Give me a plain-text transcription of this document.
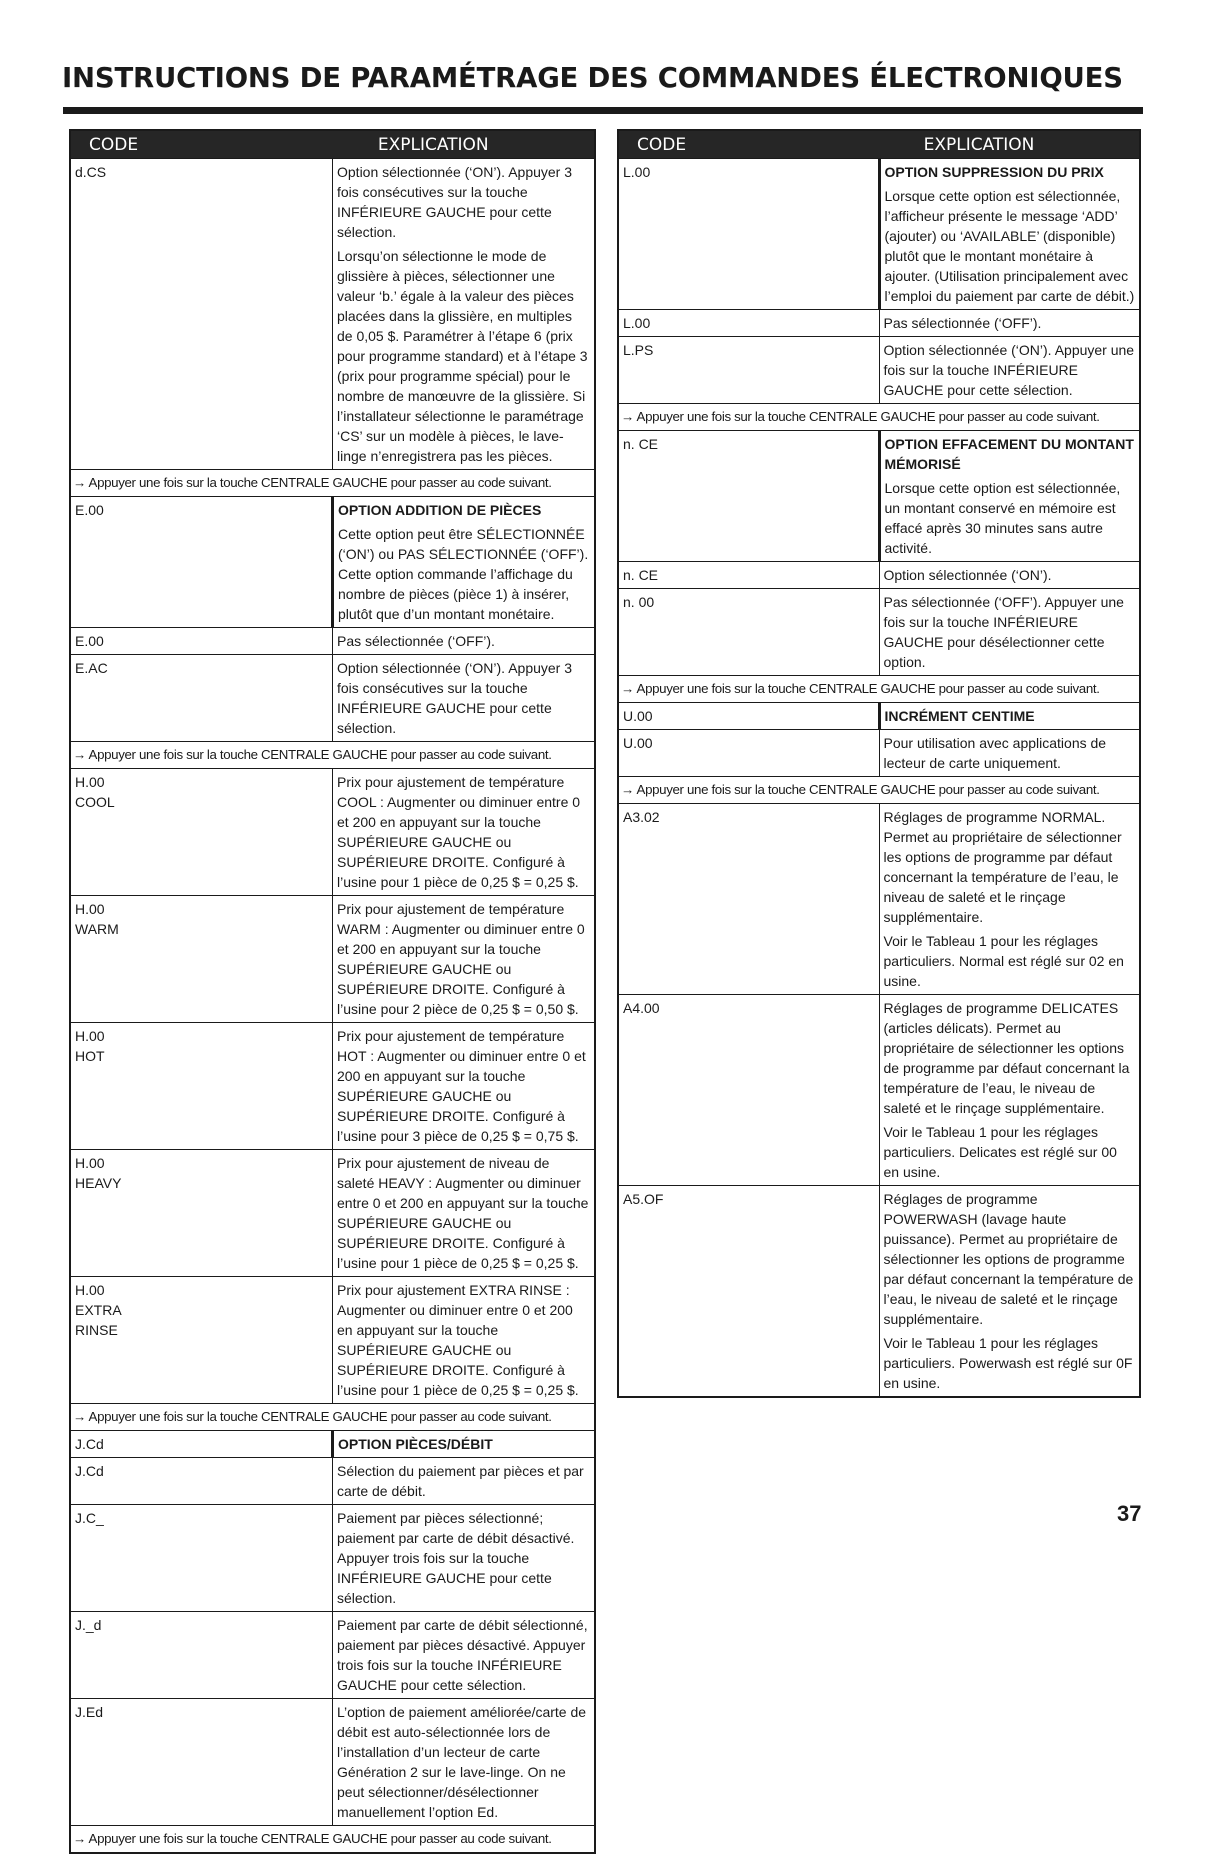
INSTRUCTIONS DE PARAMÉTRAGE DES COMMANDES ÉLECTRONIQUES
CODE	EXPLICATION
d.CS	Option sélectionnée (‘ON’). Appuyer 3 fois consécutives sur la touche INFÉRIEURE GAUCHE pour cette sélection.

Lorsqu’on sélectionne le mode de glissière à pièces, sélectionner une valeur ‘b.’ égale à la valeur des pièces placées dans la glissière, en multiples de 0,05 $. Paramétrer à l’étape 6 (prix pour programme standard) et à l’étape 3 (prix pour programme spécial) pour le nombre de manœuvre de la glissière. Si l’installateur sélectionne le paramétrage ‘CS’ sur un modèle à pièces, le lave-linge n’enregistrera pas les pièces.

→ Appuyer une fois sur la touche CENTRALE GAUCHE pour passer au code suivant.	
E.00	OPTION ADDITION DE PIÈCES

Cette option peut être SÉLECTIONNÉE (‘ON’) ou PAS SÉLECTIONNÉE (‘OFF’). Cette option commande l’affichage du nombre de pièces (pièce 1) à insérer, plutôt que d’un montant monétaire.

E.00	Pas sélectionnée (‘OFF’).

E.AC	Option sélectionnée (‘ON’). Appuyer 3 fois consécutives sur la touche INFÉRIEURE GAUCHE pour cette sélection.

→ Appuyer une fois sur la touche CENTRALE GAUCHE pour passer au code suivant.	
H.00
COOL	Prix pour ajustement de température COOL : Augmenter ou diminuer entre 0 et 200 en appuyant sur la touche SUPÉRIEURE GAUCHE ou SUPÉRIEURE DROITE. Configuré à l’usine pour 1 pièce de 0,25 $ = 0,25 $.

H.00
WARM	Prix pour ajustement de température WARM : Augmenter ou diminuer entre 0 et 200 en appuyant sur la touche SUPÉRIEURE GAUCHE ou SUPÉRIEURE DROITE. Configuré à l’usine pour 2 pièce de 0,25 $ = 0,50 $.

H.00
HOT	Prix pour ajustement de température HOT : Augmenter ou diminuer entre 0 et 200 en appuyant sur la touche SUPÉRIEURE GAUCHE ou SUPÉRIEURE DROITE. Configuré à l’usine pour 3 pièce de 0,25 $ = 0,75 $.

H.00
HEAVY	Prix pour ajustement de niveau de saleté HEAVY : Augmenter ou diminuer entre 0 et 200 en appuyant sur la touche SUPÉRIEURE GAUCHE ou SUPÉRIEURE DROITE. Configuré à l’usine pour 1 pièce de 0,25 $ = 0,25 $.

H.00
EXTRA
RINSE	Prix pour ajustement EXTRA RINSE : Augmenter ou diminuer entre 0 et 200 en appuyant sur la touche SUPÉRIEURE GAUCHE ou SUPÉRIEURE DROITE. Configuré à l’usine pour 1 pièce de 0,25 $ = 0,25 $.

→ Appuyer une fois sur la touche CENTRALE GAUCHE pour passer au code suivant.	
J.Cd	OPTION PIÈCES/DÉBIT
J.Cd	Sélection du paiement par pièces et par carte de débit.

J.C_	Paiement par pièces sélectionné; paiement par carte de débit désactivé. Appuyer trois fois sur la touche INFÉRIEURE GAUCHE pour cette sélection.

J._d	Paiement par carte de débit sélectionné, paiement par pièces désactivé. Appuyer trois fois sur la touche INFÉRIEURE GAUCHE pour cette sélection.

J.Ed	L’option de paiement améliorée/carte de débit est auto-sélectionnée lors de l’installation d’un lecteur de carte Génération 2 sur le lave-linge. On ne peut sélectionner/désélectionner manuellement l’option Ed.

→ Appuyer une fois sur la touche CENTRALE GAUCHE pour passer au code suivant.	
CODE	EXPLICATION
L.00	OPTION SUPPRESSION DU PRIX

Lorsque cette option est sélectionnée, l’afficheur présente le message ‘ADD’ (ajouter) ou ‘AVAILABLE’ (disponible) plutôt que le montant monétaire à ajouter. (Utilisation principalement avec l’emploi du paiement par carte de débit.)

L.00	Pas sélectionnée (‘OFF’).

L.PS	Option sélectionnée (‘ON’). Appuyer une fois sur la touche INFÉRIEURE GAUCHE pour cette sélection.

→ Appuyer une fois sur la touche CENTRALE GAUCHE pour passer au code suivant.	
n. CE	OPTION EFFACEMENT DU MONTANT MÉMORISÉ

Lorsque cette option est sélectionnée, un montant conservé en mémoire est effacé après 30 minutes sans autre activité.

n. CE	Option sélectionnée (‘ON’).

n. 00	Pas sélectionnée (‘OFF’). Appuyer une fois sur la touche INFÉRIEURE GAUCHE pour désélectionner cette option.

→ Appuyer une fois sur la touche CENTRALE GAUCHE pour passer au code suivant.	
U.00	INCRÉMENT CENTIME
U.00	Pour utilisation avec applications de lecteur de carte uniquement.

→ Appuyer une fois sur la touche CENTRALE GAUCHE pour passer au code suivant.	
A3.02	Réglages de programme NORMAL. Permet au propriétaire de sélectionner les options de programme par défaut concernant la température de l’eau, le niveau de saleté et le rinçage supplémentaire.

Voir le Tableau 1 pour les réglages particuliers. Normal est réglé sur 02 en usine.

A4.00	Réglages de programme DELICATES (articles délicats). Permet au propriétaire de sélectionner les options de programme par défaut concernant la température de l’eau, le niveau de saleté et le rinçage supplémentaire.

Voir le Tableau 1 pour les réglages particuliers. Delicates est réglé sur 00 en usine.

A5.OF	Réglages de programme POWERWASH (lavage haute puissance). Permet au propriétaire de sélectionner les options de programme par défaut concernant la température de l’eau, le niveau de saleté et le rinçage supplémentaire.

Voir le Tableau 1 pour les réglages particuliers. Powerwash est réglé sur 0F en usine.

37
